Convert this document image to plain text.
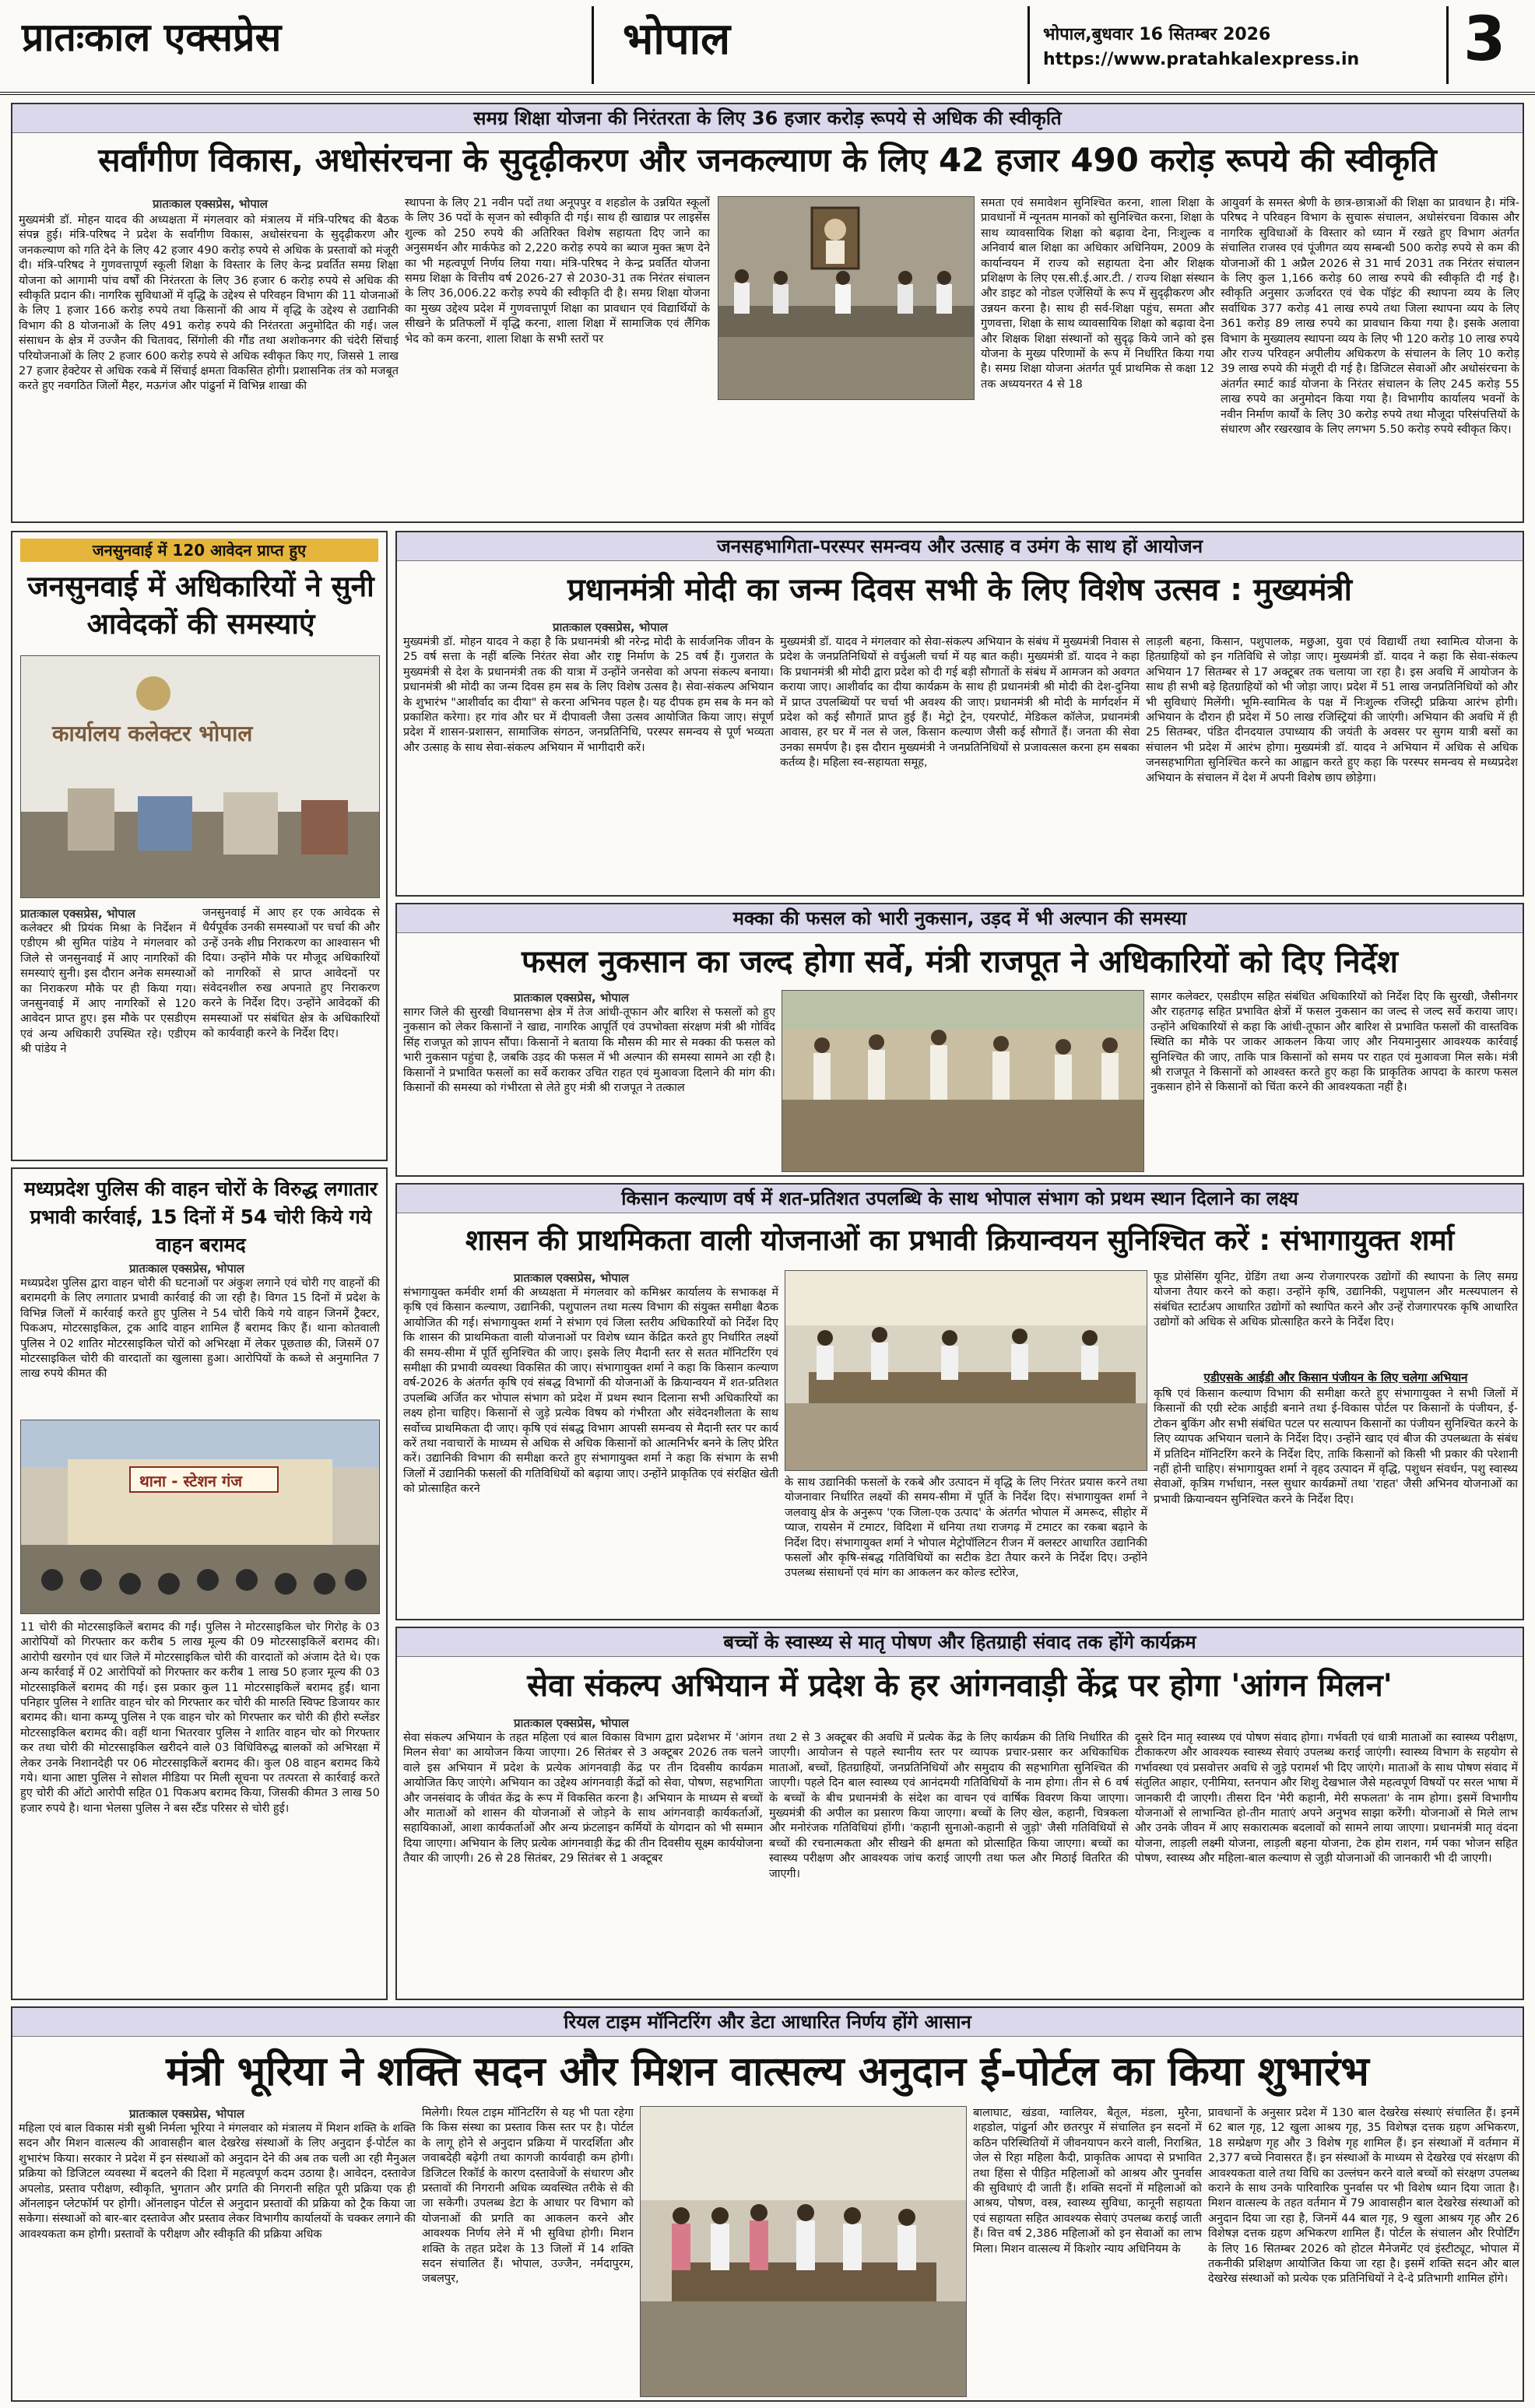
प्रातःकाल एक्सप्रेस	भोपाल	भोपाल,बुधवार 16 सितम्बर 2026
https://www.pratahkalexpress.in 3
समग्र शिक्षा योजना की निरंतरता के लिए 36 हजार करोड़ रूपये से अधिक की स्वीकृति
सर्वांगीण विकास, अधोसंरचना के सुदृढ़ीकरण और जनकल्याण के लिए 42 हजार 490 करोड़ रूपये की स्वीकृति
प्रातःकाल एक्सप्रेस, भोपाल
मुख्यमंत्री डॉ. मोहन यादव की अध्यक्षता में मंगलवार को मंत्रालय में मंत्रि-परिषद की बैठक संपन्न हुई। मंत्रि-परिषद ने प्रदेश के सर्वांगीण विकास, अधोसंरचना के सुदृढ़ीकरण और जनकल्याण को गति देने के लिए 42 हजार 490 करोड़ रुपये से अधिक के प्रस्तावों को मंजूरी दी। मंत्रि-परिषद ने गुणवत्तापूर्ण स्कूली शिक्षा के विस्तार के लिए केन्द्र प्रवर्तित समग्र शिक्षा योजना को आगामी पांच वर्षों की निरंतरता के लिए 36 हजार 6 करोड़ रुपये से अधिक की स्वीकृति प्रदान की। नागरिक सुविधाओं में वृद्धि के उद्देश्य से परिवहन विभाग की 11 योजनाओं के लिए 1 हजार 166 करोड़ रुपये तथा किसानों की आय में वृद्धि के उद्देश्य से उद्यानिकी विभाग की 8 योजनाओं के लिए 491 करोड़ रुपये की निरंतरता अनुमोदित की गई। जल संसाधन के क्षेत्र में उज्जैन की चितावद, सिंगोली की गौंड तथा अशोकनगर की चंदेरी सिंचाई परियोजनाओं के लिए 2 हजार 600 करोड़ रुपये से अधिक स्वीकृत किए गए, जिससे 1 लाख 27 हजार हेक्टेयर से अधिक रकबे में सिंचाई क्षमता विकसित होगी। प्रशासनिक तंत्र को मजबूत करते हुए नवगठित जिलों मैहर, मऊगंज और पांढुर्ना में विभिन्न शाखा की
स्थापना के लिए 21 नवीन पदों तथा अनूपपुर व शहडोल के उन्नयित स्कूलों के लिए 36 पदों के सृजन को स्वीकृति दी गई। साथ ही खाद्यान्न पर लाइसेंस शुल्क को 250 रुपये की अतिरिक्त विशेष सहायता दिए जाने का अनुसमर्थन और मार्कफेड को 2,220 करोड़ रुपये का ब्याज मुक्त ऋण देने का भी महत्वपूर्ण निर्णय लिया गया। मंत्रि-परिषद ने केन्द्र प्रवर्तित योजना समग्र शिक्षा के वित्तीय वर्ष 2026-27 से 2030-31 तक निरंतर संचालन के लिए 36,006.22 करोड़ रुपये की स्वीकृति दी है। समग्र शिक्षा योजना का मुख्य उद्देश्य प्रदेश में गुणवत्तापूर्ण शिक्षा का प्रावधान एवं विद्यार्थियों के सीखने के प्रतिफलों में वृद्धि करना, शाला शिक्षा में सामाजिक एवं लैंगिक भेद को कम करना, शाला शिक्षा के सभी स्तरों पर
समता एवं समावेशन सुनिश्चित करना, शाला शिक्षा के प्रावधानों में न्यूनतम मानकों को सुनिश्चित करना, शिक्षा के साथ व्यावसायिक शिक्षा को बढ़ावा देना, निःशुल्क व अनिवार्य बाल शिक्षा का अधिकार अधिनियम, 2009 के कार्यान्वयन में राज्य को सहायता देना और शिक्षक प्रशिक्षण के लिए एस.सी.ई.आर.टी. / राज्य शिक्षा संस्थान और डाइट को नोडल एजेंसियों के रूप में सुदृढ़ीकरण और उन्नयन करना है। साथ ही सर्व-शिक्षा पहुंच, समता और गुणवत्ता, शिक्षा के साथ व्यावसायिक शिक्षा को बढ़ावा देना और शिक्षक शिक्षा संस्थानों को सुदृढ़ किये जाने को इस योजना के मुख्य परिणामों के रूप में निर्धारित किया गया है। समग्र शिक्षा योजना अंतर्गत पूर्व प्राथमिक से कक्षा 12 तक अध्ययनरत 4 से 18
आयुवर्ग के समस्त श्रेणी के छात्र-छात्राओं की शिक्षा का प्रावधान है। मंत्रि-परिषद ने परिवहन विभाग के सुचारू संचालन, अधोसंरचना विकास और नागरिक सुविधाओं के विस्तार को ध्यान में रखते हुए विभाग अंतर्गत संचालित राजस्व एवं पूंजीगत व्यय सम्बन्धी 500 करोड़ रुपये से कम की योजनाओं की 1 अप्रैल 2026 से 31 मार्च 2031 तक निरंतर संचालन के लिए कुल 1,166 करोड़ 60 लाख रुपये की स्वीकृति दी गई है। स्वीकृति अनुसार ऊर्जादरत एवं चेक पॉइंट की स्थापना व्यय के लिए सर्वाधिक 377 करोड़ 41 लाख रुपये तथा जिला स्थापना व्यय के लिए 361 करोड़ 89 लाख रुपये का प्रावधान किया गया है। इसके अलावा विभाग के मुख्यालय स्थापना व्यय के लिए भी 120 करोड़ 10 लाख रुपये और राज्य परिवहन अपीलीय अधिकरण के संचालन के लिए 10 करोड़ 39 लाख रुपये की मंजूरी दी गई है। डिजिटल सेवाओं और अधोसंरचना के अंतर्गत स्मार्ट कार्ड योजना के निरंतर संचालन के लिए 245 करोड़ 55 लाख रुपये का अनुमोदन किया गया है। विभागीय कार्यालय भवनों के नवीन निर्माण कार्यों के लिए 30 करोड़ रुपये तथा मौजूदा परिसंपत्तियों के संधारण और रखरखाव के लिए लगभग 5.50 करोड़ रुपये स्वीकृत किए।
जनसुनवाई में 120 आवेदन प्राप्त हुए
जनसुनवाई में अधिकारियों ने सुनी आवेदकों की समस्याएं
कार्यालय कलेक्टर भोपाल
प्रातःकाल एक्सप्रेस, भोपाल
कलेक्टर श्री प्रियंक मिश्रा के निर्देशन में एडीएम श्री सुमित पांडेय ने मंगलवार को जिले से जनसुनवाई में आए नागरिकों की समस्याएं सुनी। इस दौरान अनेक समस्याओं का निराकरण मौके पर ही किया गया। जनसुनवाई में आए नागरिकों से 120 आवेदन प्राप्त हुए। इस मौके पर एसडीएम एवं अन्य अधिकारी उपस्थित रहे। एडीएम श्री पांडेय ने
जनसुनवाई में आए हर एक आवेदक से धैर्यपूर्वक उनकी समस्याओं पर चर्चा की और उन्हें उनके शीघ्र निराकरण का आश्वासन भी दिया। उन्होंने मौके पर मौजूद अधिकारियों को नागरिकों से प्राप्त आवेदनों पर संवेदनशील रुख अपनाते हुए निराकरण करने के निर्देश दिए। उन्होंने आवेदकों की समस्याओं पर संबंधित क्षेत्र के अधिकारियों को कार्यवाही करने के निर्देश दिए।
मध्यप्रदेश पुलिस की वाहन चोरों के विरुद्ध लगातार प्रभावी कार्रवाई, 15 दिनों में 54 चोरी किये गये वाहन बरामद
प्रातःकाल एक्सप्रेस, भोपाल
मध्यप्रदेश पुलिस द्वारा वाहन चोरी की घटनाओं पर अंकुश लगाने एवं चोरी गए वाहनों की बरामदगी के लिए लगातार प्रभावी कार्रवाई की जा रही है। विगत 15 दिनों में प्रदेश के विभिन्न जिलों में कार्रवाई करते हुए पुलिस ने 54 चोरी किये गये वाहन जिनमें ट्रैक्टर, पिकअप, मोटरसाइकिल, ट्रक आदि वाहन शामिल हैं बरामद किए हैं। थाना कोतवाली पुलिस ने 02 शातिर मोटरसाइकिल चोरों को अभिरक्षा में लेकर पूछताछ की, जिसमें 07 मोटरसाइकिल चोरी की वारदातों का खुलासा हुआ। आरोपियों के कब्जे से अनुमानित 7 लाख रुपये कीमत की
थाना - स्टेशन गंज
11 चोरी की मोटरसाइकिलें बरामद की गईं। पुलिस ने मोटरसाइकिल चोर गिरोह के 03 आरोपियों को गिरफ्तार कर करीब 5 लाख मूल्य की 09 मोटरसाइकिलें बरामद की। आरोपी खरगोन एवं धार जिले में मोटरसाइकिल चोरी की वारदातों को अंजाम देते थे। एक अन्य कार्रवाई में 02 आरोपियों को गिरफ्तार कर करीब 1 लाख 50 हजार मूल्य की 03 मोटरसाइकिलें बरामद की गई। इस प्रकार कुल 11 मोटरसाइकिलें बरामद हुईं। थाना पनिहार पुलिस ने शातिर वाहन चोर को गिरफ्तार कर चोरी की मारुति स्विफ्ट डिजायर कार बरामद की। थाना कम्प्यू पुलिस ने एक वाहन चोर को गिरफ्तार कर चोरी की हीरो स्प्लेंडर मोटरसाइकिल बरामद की। वहीं थाना भितरवार पुलिस ने शातिर वाहन चोर को गिरफ्तार कर तथा चोरी की मोटरसाइकिल खरीदने वाले 03 विधिविरुद्ध बालकों को अभिरक्षा में लेकर उनके निशानदेही पर 06 मोटरसाइकिलें बरामद की। कुल 08 वाहन बरामद किये गये। थाना आष्टा पुलिस ने सोशल मीडिया पर मिली सूचना पर तत्परता से कार्रवाई करते हुए चोरी की ऑटो आरोपी सहित 01 पिकअप बरामद किया, जिसकी कीमत 3 लाख 50 हजार रुपये है। थाना भेलसा पुलिस ने बस स्टैंड परिसर से चोरी हुई।
जनसहभागिता-परस्पर समन्वय और उत्साह व उमंग के साथ हों आयोजन
प्रधानमंत्री मोदी का जन्म दिवस सभी के लिए विशेष उत्सव : मुख्यमंत्री
प्रातःकाल एक्सप्रेस, भोपाल
मुख्यमंत्री डॉ. मोहन यादव ने कहा है कि प्रधानमंत्री श्री नरेन्द्र मोदी के सार्वजनिक जीवन के 25 वर्ष सत्ता के नहीं बल्कि निरंतर सेवा और राष्ट्र निर्माण के 25 वर्ष हैं। गुजरात के मुख्यमंत्री से देश के प्रधानमंत्री तक की यात्रा में उन्होंने जनसेवा को अपना संकल्प बनाया। प्रधानमंत्री श्री मोदी का जन्म दिवस हम सब के लिए विशेष उत्सव है। सेवा-संकल्प अभियान के शुभारंभ "आशीर्वाद का दीया" से करना अभिनव पहल है। यह दीपक हम सब के मन को प्रकाशित करेगा। हर गांव और घर में दीपावली जैसा उत्सव आयोजित किया जाए। संपूर्ण प्रदेश में शासन-प्रशासन, सामाजिक संगठन, जनप्रतिनिधि, परस्पर समन्वय से पूर्ण भव्यता और उत्साह के साथ सेवा-संकल्प अभियान में भागीदारी करें।
मुख्यमंत्री डॉ. यादव ने मंगलवार को सेवा-संकल्प अभियान के संबंध में मुख्यमंत्री निवास से प्रदेश के जनप्रतिनिधियों से वर्चुअली चर्चा में यह बात कही। मुख्यमंत्री डॉ. यादव ने कहा कि प्रधानमंत्री श्री मोदी द्वारा प्रदेश को दी गई बड़ी सौगातों के संबंध में आमजन को अवगत कराया जाए। आशीर्वाद का दीया कार्यक्रम के साथ ही प्रधानमंत्री श्री मोदी की देश-दुनिया में प्राप्त उपलब्धियों पर चर्चा भी अवश्य की जाए। प्रधानमंत्री श्री मोदी के मार्गदर्शन में प्रदेश को कई सौगातें प्राप्त हुई हैं। मेट्रो ट्रेन, एयरपोर्ट, मेडिकल कॉलेज, प्रधानमंत्री आवास, हर घर में नल से जल, किसान कल्याण जैसी कई सौगातें हैं। जनता की सेवा उनका समर्पण है। इस दौरान मुख्यमंत्री ने जनप्रतिनिधियों से प्रजावत्सल करना हम सबका कर्तव्य है। महिला स्व-सहायता समूह,
लाड़ली बहना, किसान, पशुपालक, मछुआ, युवा एवं विद्यार्थी तथा स्वामित्व योजना के हितग्राहियों को इन गतिविधि से जोड़ा जाए। मुख्यमंत्री डॉ. यादव ने कहा कि सेवा-संकल्प अभियान 17 सितम्बर से 17 अक्टूबर तक चलाया जा रहा है। इस अवधि में आयोजन के साथ ही सभी बड़े हितग्राहियों को भी जोड़ा जाए। प्रदेश में 51 लाख जनप्रतिनिधियों को और भी सुविधाएं मिलेंगी। भूमि-स्वामित्व के पक्ष में निःशुल्क रजिस्ट्री प्रक्रिया आरंभ होगी। अभियान के दौरान ही प्रदेश में 50 लाख रजिस्ट्रियां की जाएंगी। अभियान की अवधि में ही 25 सितम्बर, पंडित दीनदयाल उपाध्याय की जयंती के अवसर पर सुगम यात्री बसों का संचालन भी प्रदेश में आरंभ होगा। मुख्यमंत्री डॉ. यादव ने अभियान में अधिक से अधिक जनसहभागिता सुनिश्चित करने का आह्वान करते हुए कहा कि परस्पर समन्वय से मध्यप्रदेश अभियान के संचालन में देश में अपनी विशेष छाप छोड़ेगा।
मक्का की फसल को भारी नुकसान, उड़द में भी अल्पान की समस्या
फसल नुकसान का जल्द होगा सर्वे, मंत्री राजपूत ने अधिकारियों को दिए निर्देश
प्रातःकाल एक्सप्रेस, भोपाल
सागर जिले की सुरखी विधानसभा क्षेत्र में तेज आंधी-तूफान और बारिश से फसलों को हुए नुकसान को लेकर किसानों ने खाद्य, नागरिक आपूर्ति एवं उपभोक्ता संरक्षण मंत्री श्री गोविंद सिंह राजपूत को ज्ञापन सौंपा। किसानों ने बताया कि मौसम की मार से मक्का की फसल को भारी नुकसान पहुंचा है, जबकि उड़द की फसल में भी अल्पान की समस्या सामने आ रही है। किसानों ने प्रभावित फसलों का सर्वे कराकर उचित राहत एवं मुआवजा दिलाने की मांग की। किसानों की समस्या को गंभीरता से लेते हुए मंत्री श्री राजपूत ने तत्काल
सागर कलेक्टर, एसडीएम सहित संबंधित अधिकारियों को निर्देश दिए कि सुरखी, जैसीनगर और राहतगढ़ सहित प्रभावित क्षेत्रों में फसल नुकसान का जल्द से जल्द सर्वे कराया जाए। उन्होंने अधिकारियों से कहा कि आंधी-तूफान और बारिश से प्रभावित फसलों की वास्तविक स्थिति का मौके पर जाकर आकलन किया जाए और नियमानुसार आवश्यक कार्रवाई सुनिश्चित की जाए, ताकि पात्र किसानों को समय पर राहत एवं मुआवजा मिल सके। मंत्री श्री राजपूत ने किसानों को आश्वस्त करते हुए कहा कि प्राकृतिक आपदा के कारण फसल नुकसान होने से किसानों को चिंता करने की आवश्यकता नहीं है।
किसान कल्याण वर्ष में शत-प्रतिशत उपलब्धि के साथ भोपाल संभाग को प्रथम स्थान दिलाने का लक्ष्य
शासन की प्राथमिकता वाली योजनाओं का प्रभावी क्रियान्वयन सुनिश्चित करें : संभागायुक्त शर्मा
प्रातःकाल एक्सप्रेस, भोपाल
संभागायुक्त कर्मवीर शर्मा की अध्यक्षता में मंगलवार को कमिश्नर कार्यालय के सभाकक्ष में कृषि एवं किसान कल्याण, उद्यानिकी, पशुपालन तथा मत्स्य विभाग की संयुक्त समीक्षा बैठक आयोजित की गई। संभागायुक्त शर्मा ने संभाग एवं जिला स्तरीय अधिकारियों को निर्देश दिए कि शासन की प्राथमिकता वाली योजनाओं पर विशेष ध्यान केंद्रित करते हुए निर्धारित लक्ष्यों की समय-सीमा में पूर्ति सुनिश्चित की जाए। इसके लिए मैदानी स्तर से सतत मॉनिटरिंग एवं समीक्षा की प्रभावी व्यवस्था विकसित की जाए। संभागायुक्त शर्मा ने कहा कि किसान कल्याण वर्ष-2026 के अंतर्गत कृषि एवं संबद्ध विभागों की योजनाओं के क्रियान्वयन में शत-प्रतिशत उपलब्धि अर्जित कर भोपाल संभाग को प्रदेश में प्रथम स्थान दिलाना सभी अधिकारियों का लक्ष्य होना चाहिए। किसानों से जुड़े प्रत्येक विषय को गंभीरता और संवेदनशीलता के साथ सर्वोच्च प्राथमिकता दी जाए। कृषि एवं संबद्ध विभाग आपसी समन्वय से मैदानी स्तर पर कार्य करें तथा नवाचारों के माध्यम से अधिक से अधिक किसानों को आत्मनिर्भर बनने के लिए प्रेरित करें। उद्यानिकी विभाग की समीक्षा करते हुए संभागायुक्त शर्मा ने कहा कि संभाग के सभी जिलों में उद्यानिकी फसलों की गतिविधियों को बढ़ाया जाए। उन्होंने प्राकृतिक एवं संरक्षित खेती को प्रोत्साहित करने
के साथ उद्यानिकी फसलों के रकबे और उत्पादन में वृद्धि के लिए निरंतर प्रयास करने तथा योजनावार निर्धारित लक्ष्यों की समय-सीमा में पूर्ति के निर्देश दिए। संभागायुक्त शर्मा ने जलवायु क्षेत्र के अनुरूप 'एक जिला-एक उत्पाद' के अंतर्गत भोपाल में अमरूद, सीहोर में प्याज, रायसेन में टमाटर, विदिशा में धनिया तथा राजगढ़ में टमाटर का रकबा बढ़ाने के निर्देश दिए। संभागायुक्त शर्मा ने भोपाल मेट्रोपॉलिटन रीजन में क्लस्टर आधारित उद्यानिकी फसलों और कृषि-संबद्ध गतिविधियों का सटीक डेटा तैयार करने के निर्देश दिए। उन्होंने उपलब्ध संसाधनों एवं मांग का आकलन कर कोल्ड स्टोरेज,
फूड प्रोसेसिंग यूनिट, ग्रेडिंग तथा अन्य रोजगारपरक उद्योगों की स्थापना के लिए समग्र योजना तैयार करने को कहा। उन्होंने कृषि, उद्यानिकी, पशुपालन और मत्स्यपालन से संबंधित स्टार्टअप आधारित उद्योगों को स्थापित करने और उन्हें रोजगारपरक कृषि आधारित उद्योगों को अधिक से अधिक प्रोत्साहित करने के निर्देश दिए।
एडीएसके आईडी और किसान पंजीयन के लिए चलेगा अभियान
कृषि एवं किसान कल्याण विभाग की समीक्षा करते हुए संभागायुक्त ने सभी जिलों में किसानों की एग्री स्टेक आईडी बनाने तथा ई-विकास पोर्टल पर किसानों के पंजीयन, ई-टोकन बुकिंग और सभी संबंधित पटल पर सत्यापन किसानों का पंजीयन सुनिश्चित करने के लिए व्यापक अभियान चलाने के निर्देश दिए। उन्होंने खाद एवं बीज की उपलब्धता के संबंध में प्रतिदिन मॉनिटरिंग करने के निर्देश दिए, ताकि किसानों को किसी भी प्रकार की परेशानी नहीं होनी चाहिए। संभागायुक्त शर्मा ने वृहद उत्पादन में वृद्धि, पशुधन संवर्धन, पशु स्वास्थ्य सेवाओं, कृत्रिम गर्भाधान, नस्ल सुधार कार्यक्रमों तथा 'राहत' जैसी अभिनव योजनाओं का प्रभावी क्रियान्वयन सुनिश्चित करने के निर्देश दिए।
बच्चों के स्वास्थ्य से मातृ पोषण और हितग्राही संवाद तक होंगे कार्यक्रम
सेवा संकल्प अभियान में प्रदेश के हर आंगनवाड़ी केंद्र पर होगा 'आंगन मिलन'
प्रातःकाल एक्सप्रेस, भोपाल
सेवा संकल्प अभियान के तहत महिला एवं बाल विकास विभाग द्वारा प्रदेशभर में 'आंगन मिलन सेवा' का आयोजन किया जाएगा। 26 सितंबर से 3 अक्टूबर 2026 तक चलने वाले इस अभियान में प्रदेश के प्रत्येक आंगनवाड़ी केंद्र पर तीन दिवसीय कार्यक्रम आयोजित किए जाएंगे। अभियान का उद्देश्य आंगनवाड़ी केंद्रों को सेवा, पोषण, सहभागिता और जनसंवाद के जीवंत केंद्र के रूप में विकसित करना है। अभियान के माध्यम से बच्चों और माताओं को शासन की योजनाओं से जोड़ने के साथ आंगनवाड़ी कार्यकर्ताओं, सहायिकाओं, आशा कार्यकर्ताओं और अन्य फ्रंटलाइन कर्मियों के योगदान को भी सम्मान दिया जाएगा। अभियान के लिए प्रत्येक आंगनवाड़ी केंद्र की तीन दिवसीय सूक्ष्म कार्ययोजना तैयार की जाएगी। 26 से 28 सितंबर, 29 सितंबर से 1 अक्टूबर
तथा 2 से 3 अक्टूबर की अवधि में प्रत्येक केंद्र के लिए कार्यक्रम की तिथि निर्धारित की जाएगी। आयोजन से पहले स्थानीय स्तर पर व्यापक प्रचार-प्रसार कर अधिकाधिक माताओं, बच्चों, हितग्राहियों, जनप्रतिनिधियों और समुदाय की सहभागिता सुनिश्चित की जाएगी। पहले दिन बाल स्वास्थ्य एवं आनंदमयी गतिविधियों के नाम होगा। तीन से 6 वर्ष के बच्चों के बीच प्रधानमंत्री के संदेश का वाचन एवं वार्षिक विवरण किया जाएगा। मुख्यमंत्री की अपील का प्रसारण किया जाएगा। बच्चों के लिए खेल, कहानी, चित्रकला और मनोरंजक गतिविधियां होंगी। 'कहानी सुनाओ-कहानी से जुड़ो' जैसी गतिविधियों से बच्चों की रचनात्मकता और सीखने की क्षमता को प्रोत्साहित किया जाएगा। बच्चों का स्वास्थ्य परीक्षण और आवश्यक जांच कराई जाएगी तथा फल और मिठाई वितरित की जाएगी।
दूसरे दिन मातृ स्वास्थ्य एवं पोषण संवाद होगा। गर्भवती एवं धात्री माताओं का स्वास्थ्य परीक्षण, टीकाकरण और आवश्यक स्वास्थ्य सेवाएं उपलब्ध कराई जाएंगी। स्वास्थ्य विभाग के सहयोग से गर्भावस्था एवं प्रसवोत्तर अवधि से जुड़े परामर्श भी दिए जाएंगे। माताओं के साथ पोषण संवाद में संतुलित आहार, एनीमिया, स्तनपान और शिशु देखभाल जैसे महत्वपूर्ण विषयों पर सरल भाषा में जानकारी दी जाएगी। तीसरा दिन 'मेरी कहानी, मेरी सफलता' के नाम होगा। इसमें विभागीय योजनाओं से लाभान्वित हो-तीन माताएं अपने अनुभव साझा करेंगी। योजनाओं से मिले लाभ और उनके जीवन में आए सकारात्मक बदलावों को सामने लाया जाएगा। प्रधानमंत्री मातृ वंदना योजना, लाड़ली लक्ष्मी योजना, लाड़ली बहना योजना, टेक होम राशन, गर्म पका भोजन सहित पोषण, स्वास्थ्य और महिला-बाल कल्याण से जुड़ी योजनाओं की जानकारी भी दी जाएगी।
रियल टाइम मॉनिटरिंग और डेटा आधारित निर्णय होंगे आसान
मंत्री भूरिया ने शक्ति सदन और मिशन वात्सल्य अनुदान ई-पोर्टल का किया शुभारंभ
प्रातःकाल एक्सप्रेस, भोपाल
महिला एवं बाल विकास मंत्री सुश्री निर्मला भूरिया ने मंगलवार को मंत्रालय में मिशन शक्ति के शक्ति सदन और मिशन वात्सल्य की आवासहीन बाल देखरेख संस्थाओं के लिए अनुदान ई-पोर्टल का शुभारंभ किया। सरकार ने प्रदेश में इन संस्थाओं को अनुदान देने की अब तक चली आ रही मैनुअल प्रक्रिया को डिजिटल व्यवस्था में बदलने की दिशा में महत्वपूर्ण कदम उठाया है। आवेदन, दस्तावेज अपलोड, प्रस्ताव परीक्षण, स्वीकृति, भुगतान और प्रगति की निगरानी सहित पूरी प्रक्रिया एक ही ऑनलाइन प्लेटफॉर्म पर होगी। ऑनलाइन पोर्टल से अनुदान प्रस्तावों की प्रक्रिया को ट्रैक किया जा सकेगा। संस्थाओं को बार-बार दस्तावेज और प्रस्ताव लेकर विभागीय कार्यालयों के चक्कर लगाने की आवश्यकता कम होगी। प्रस्तावों के परीक्षण और स्वीकृति की प्रक्रिया अधिक
मिलेगी। रियल टाइम मॉनिटरिंग से यह भी पता रहेगा कि किस संस्था का प्रस्ताव किस स्तर पर है। पोर्टल के लागू होने से अनुदान प्रक्रिया में पारदर्शिता और जवाबदेही बढ़ेगी तथा कागजी कार्यवाही कम होगी। डिजिटल रिकॉर्ड के कारण दस्तावेजों के संधारण और प्रस्तावों की निगरानी अधिक व्यवस्थित तरीके से की जा सकेगी। उपलब्ध डेटा के आधार पर विभाग को योजनाओं की प्रगति का आकलन करने और आवश्यक निर्णय लेने में भी सुविधा होगी। मिशन शक्ति के तहत प्रदेश के 13 जिलों में 14 शक्ति सदन संचालित हैं। भोपाल, उज्जैन, नर्मदापुरम, जबलपुर,
बालाघाट, खंडवा, ग्वालियर, बैतूल, मंडला, मुरैना, शहडोल, पांढुर्ना और छतरपुर में संचालित इन सदनों में कठिन परिस्थितियों में जीवनयापन करने वाली, निराश्रित, जेल से रिहा महिला कैदी, प्राकृतिक आपदा से प्रभावित तथा हिंसा से पीड़ित महिलाओं को आश्रय और पुनर्वास की सुविधाएं दी जाती हैं। शक्ति सदनों में महिलाओं को आश्रय, पोषण, वस्त्र, स्वास्थ्य सुविधा, कानूनी सहायता एवं सहायता सहित आवश्यक सेवाएं उपलब्ध कराई जाती हैं। वित्त वर्ष 2,386 महिलाओं को इन सेवाओं का लाभ मिला। मिशन वात्सल्य में किशोर न्याय अधिनियम के
प्रावधानों के अनुसार प्रदेश में 130 बाल देखरेख संस्थाएं संचालित हैं। इनमें 62 बाल गृह, 12 खुला आश्रय गृह, 35 विशेषज्ञ दत्तक ग्रहण अभिकरण, 18 सम्प्रेक्षण गृह और 3 विशेष गृह शामिल हैं। इन संस्थाओं में वर्तमान में 2,377 बच्चे निवासरत हैं। इन संस्थाओं के माध्यम से देखरेख एवं संरक्षण की आवश्यकता वाले तथा विधि का उल्लंघन करने वाले बच्चों को संरक्षण उपलब्ध कराने के साथ उनके पारिवारिक पुनर्वास पर भी विशेष ध्यान दिया जाता है। मिशन वात्सल्य के तहत वर्तमान में 79 आवासहीन बाल देखरेख संस्थाओं को अनुदान दिया जा रहा है, जिनमें 44 बाल गृह, 9 खुला आश्रय गृह और 26 विशेषज्ञ दत्तक ग्रहण अभिकरण शामिल हैं। पोर्टल के संचालन और रिपोर्टिंग के लिए 16 सितम्बर 2026 को होटल मैनेजमेंट एवं इंस्टीट्यूट, भोपाल में तकनीकी प्रशिक्षण आयोजित किया जा रहा है। इसमें शक्ति सदन और बाल देखरेख संस्थाओं को प्रत्येक एक प्रतिनिधियों ने दे-दे प्रतिभागी शामिल होंगे।
